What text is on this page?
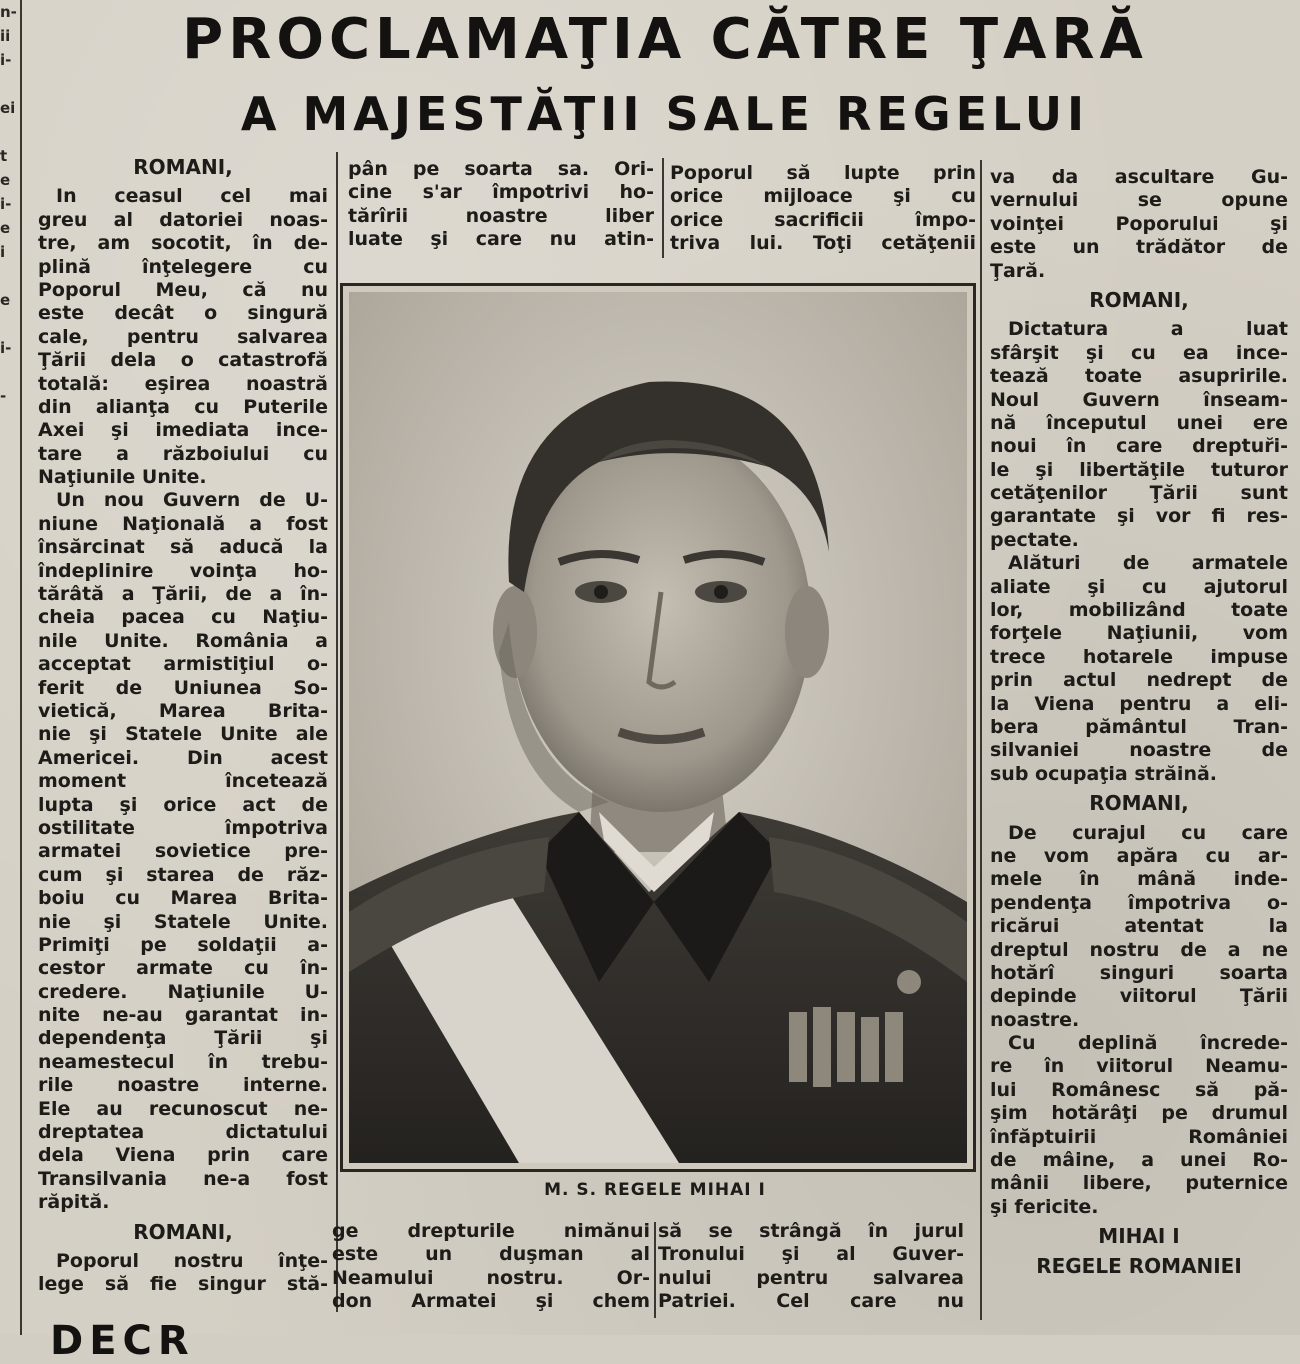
n-
ii
i-
ei
t
e
i-
e
i
e
i-
-
PROCLAMAŢIA CĂTRE ŢARĂ
A MAJESTĂŢII SALE REGELUI
ROMANI,
In ceasul cel mai
greu al datoriei noas-
tre, am socotit, în de-
plină înţelegere cu
Poporul Meu, că nu
este decât o singură
cale, pentru salvarea
Ţării dela o catastrofă
totală: eşirea noastră
din alianţa cu Puterile
Axei şi imediata ince-
tare a războiului cu
Naţiunile Unite.
Un nou Guvern de U-
niune Naţională a fost
însărcinat să aducă la
îndeplinire voinţa ho-
tărâtă a Ţării, de a în-
cheia pacea cu Naţiu-
nile Unite. România a
acceptat armistiţiul o-
ferit de Uniunea So-
vietică, Marea Brita-
nie şi Statele Unite ale
Americei. Din acest
moment încetează
lupta şi orice act de
ostilitate împotriva
armatei sovietice pre-
cum şi starea de răz-
boiu cu Marea Brita-
nie şi Statele Unite.
Primiţi pe soldaţii a-
cestor armate cu în-
credere. Naţiunile U-
nite ne-au garantat in-
dependenţa Ţării şi
neamestecul în trebu-
rile noastre interne.
Ele au recunoscut ne-
dreptatea dictatului
dela Viena prin care
Transilvania ne-a fost
răpită.
ROMANI,
Poporul nostru înţe-
lege să fie singur stă-
pân pe soarta sa. Ori-
cine s'ar împotrivi ho-
tărîrii noastre liber
luate şi care nu atin-
Poporul să lupte prin
orice mijloace şi cu
orice sacrificii împo-
triva lui. Toţi cetăţenii
va da ascultare Gu-
vernului se opune
voinţei Poporului şi
este un trădător de
Ţară.
ROMANI,
Dictatura a luat
sfârşit şi cu ea ince-
tează toate asupririle.
Noul Guvern înseam-
nă începutul unei ere
noui în care dreptur̆i-
le şi libertăţile tuturor
cetăţenilor Ţării sunt
garantate şi vor fi res-
pectate.
Alături de armatele
aliate şi cu ajutorul
lor, mobilizând toate
forţele Naţiunii, vom
trece hotarele impuse
prin actul nedrept de
la Viena pentru a eli-
bera pământul Tran-
silvaniei noastre de
sub ocupaţia străină.
ROMANI,
De curajul cu care
ne vom apăra cu ar-
mele în mână inde-
pendenţa împotriva o-
ricărui atentat la
dreptul nostru de a ne
hotărî singuri soarta
depinde viitorul Ţării
noastre.
Cu deplină încrede-
re în viitorul Neamu-
lui Românesc să pă-
şim hotărâţi pe drumul
înfăptuirii României
de mâine, a unei Ro-
mânii libere, puternice
şi fericite.
MIHAI I
REGELE ROMANIEI
M. S. REGELE MIHAI I
ge drepturile nimănui
este un duşman al
Neamului nostru. Or-
don Armatei şi chem
să se strângă în jurul
Tronului şi al Guver-
nului pentru salvarea
Patriei. Cel care nu
DECR
